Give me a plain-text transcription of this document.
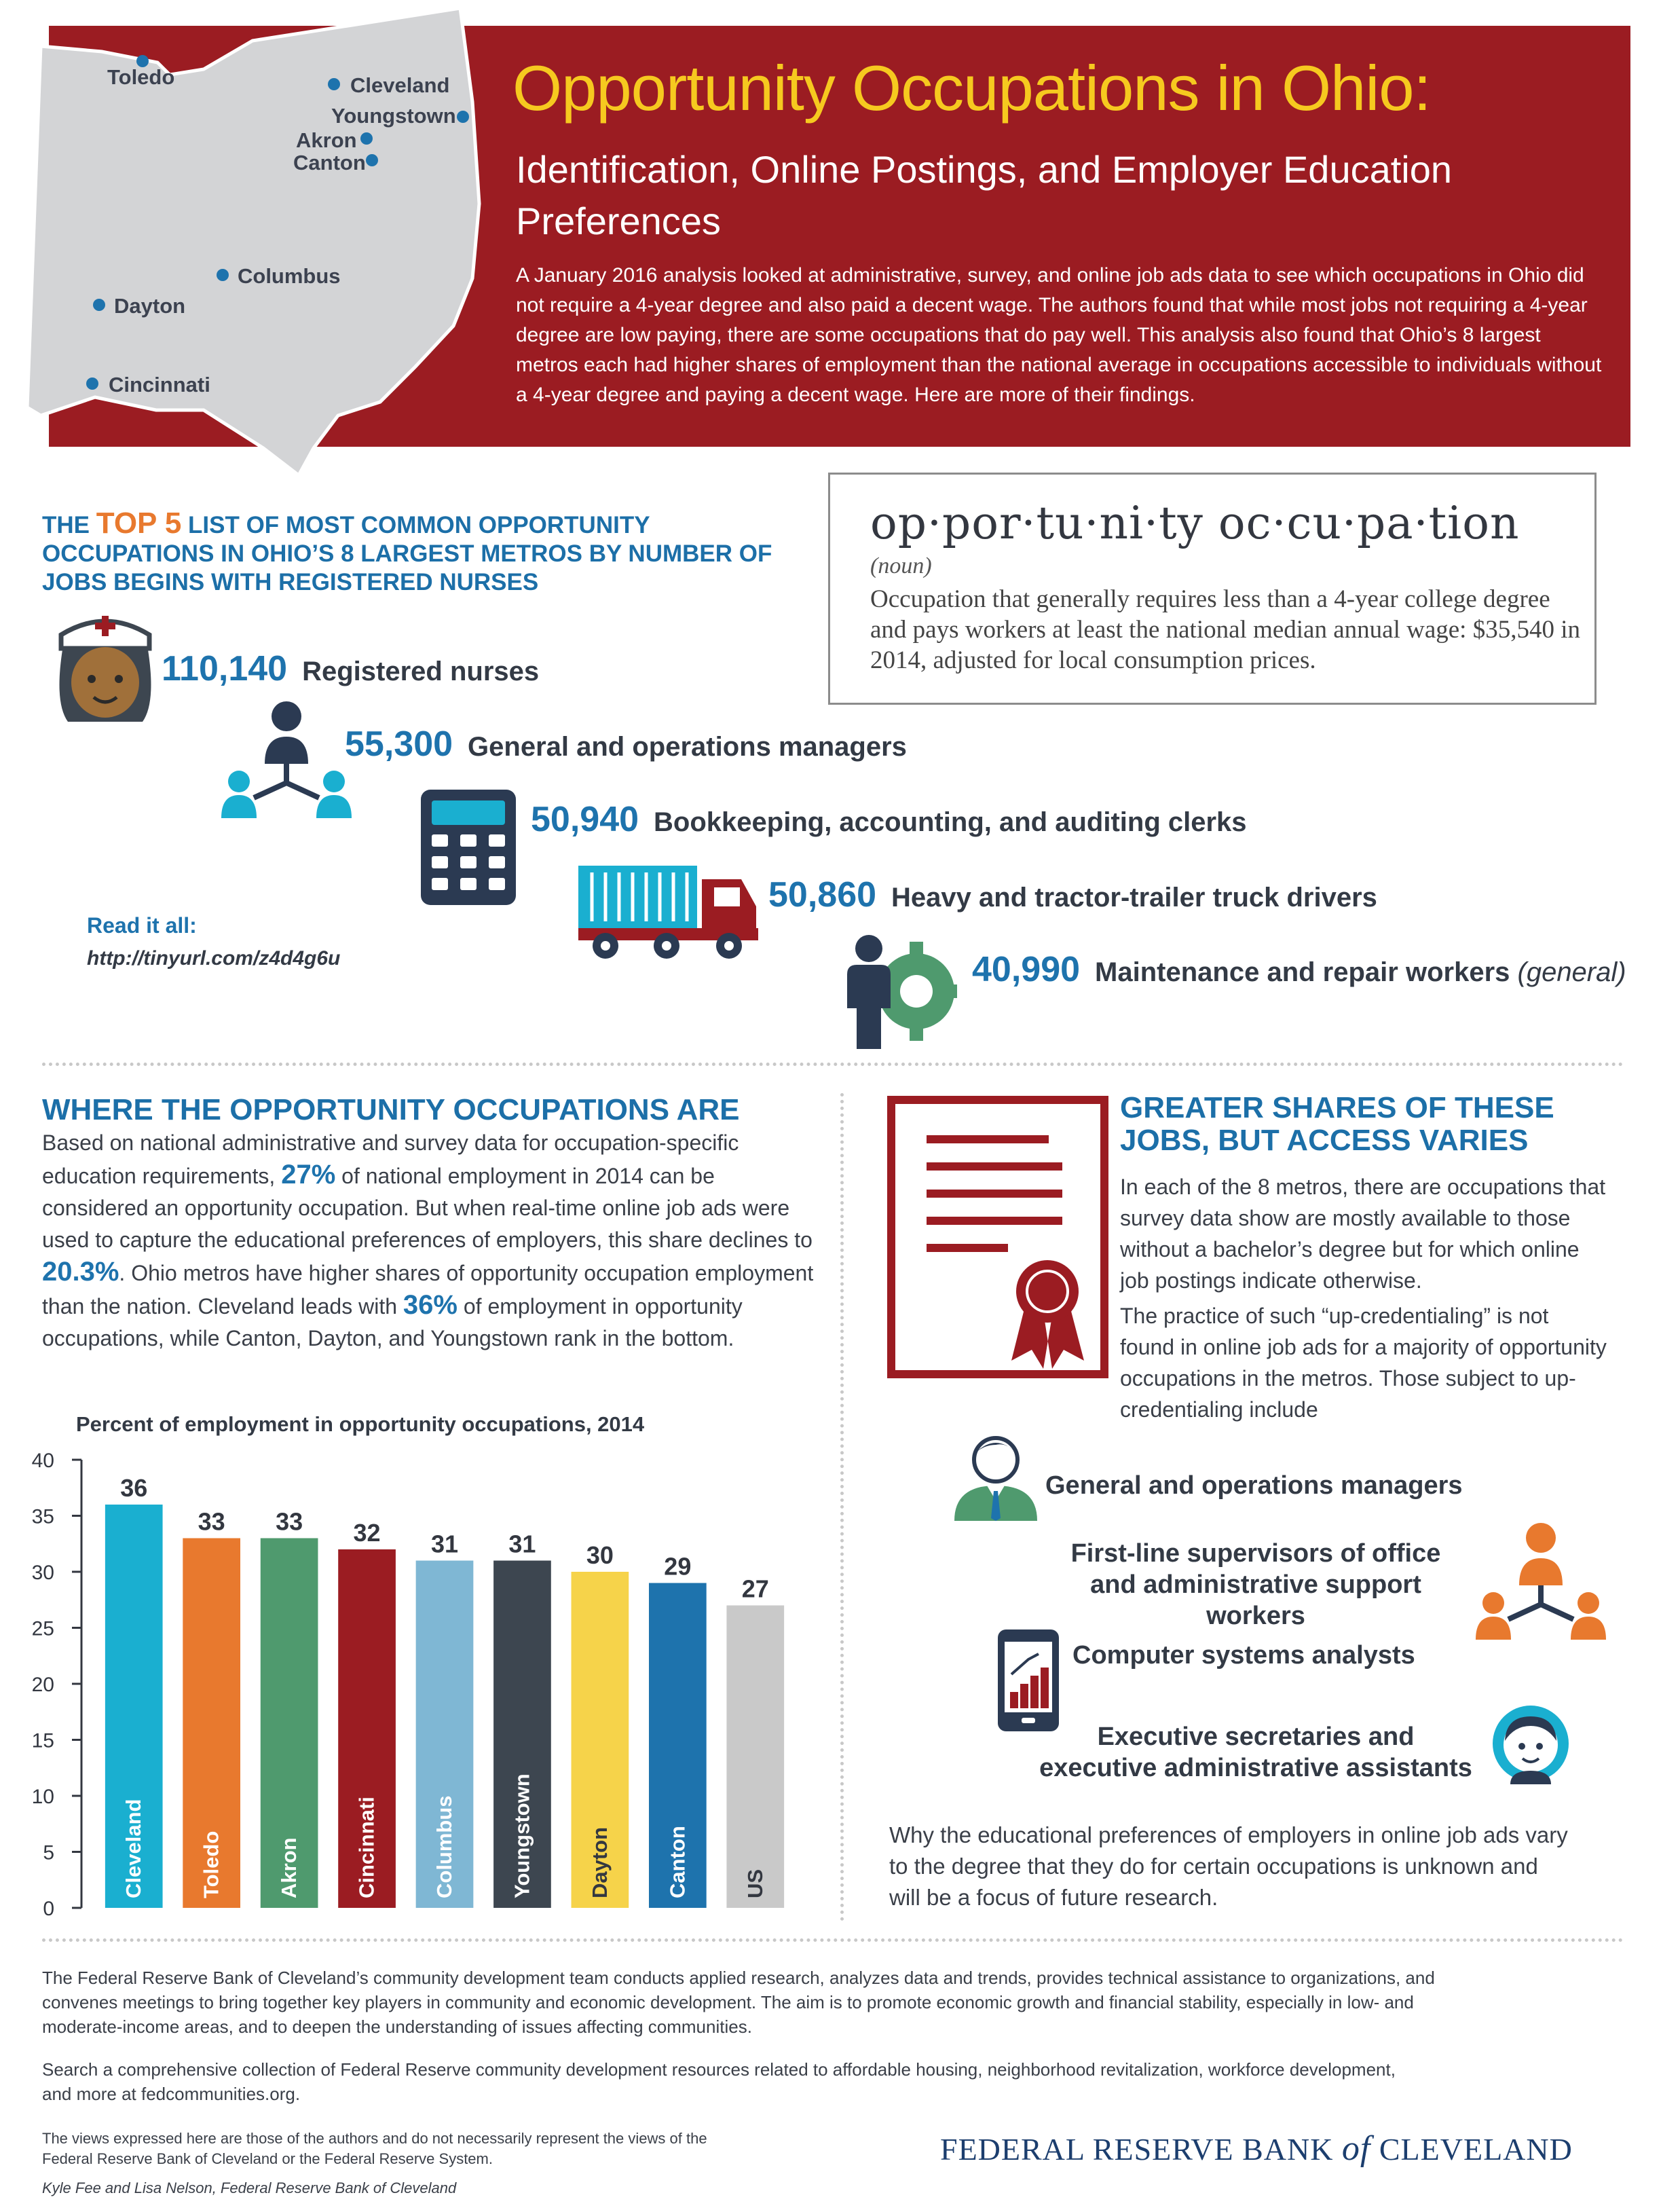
Toledo	Cleveland
Youngstown
Akron
Canton
Columbus
Dayton
Cincinnati
Opportunity Occupations in Ohio:
Identification, Online Postings, and Employer Education Preferences
A January 2016 analysis looked at administrative, survey, and online job ads data to see which occupations in Ohio did not require a 4-year degree and also paid a decent wage. The authors found that while most jobs not requiring a 4-year degree are low paying, there are some occupations that do pay well. This analysis also found that Ohio’s 8 largest metros each had higher shares of employment than the national average in occupations accessible to individuals without a 4-year degree and paying a decent wage. Here are more of their findings.
THE TOP 5 LIST OF MOST COMMON OPPORTUNITY OCCUPATIONS IN OHIO’S 8 LARGEST METROS BY NUMBER OF JOBS BEGINS WITH REGISTERED NURSES
110,140 Registered nurses
55,300 General and operations managers
50,940 Bookkeeping, accounting, and auditing clerks
50,860 Heavy and tractor-trailer truck drivers
40,990 Maintenance and repair workers (general)
Read it all:
http://tinyurl.com/z4d4g6u
op·por·tu·ni·ty oc·cu·pa·tion
(noun)
Occupation that generally requires less than a 4-year college degree and pays workers at least the national median annual wage: $35,540 in 2014, adjusted for local consumption prices.
WHERE THE OPPORTUNITY OCCUPATIONS ARE
Based on national administrative and survey data for occupation-specific education requirements, 27% of national employment in 2014 can be considered an opportunity occupation. But when real-time online job ads were used to capture the educational preferences of employers, this share declines to 20.3%. Ohio metros have higher shares of opportunity occupation employment than the nation. Cleveland leads with 36% of employment in opportunity occupations, while Canton, Dayton, and Youngstown rank in the bottom.
Percent of employment in opportunity occupations, 2014
0
5
10
15
20
25
30
35
40
36
Cleveland
33
Toledo
33
Akron
32
Cincinnati
31
Columbus
31
Youngstown
30
Dayton
29
Canton
27
US
GREATER SHARES OF THESE JOBS, BUT ACCESS VARIES
In each of the 8 metros, there are occupations that survey data show are mostly available to those without a bachelor’s degree but for which online job postings indicate otherwise.
The practice of such “up-credentialing” is not found in online job ads for a majority of opportunity occupations in the metros. Those subject to up-credentialing include
General and operations managers
First-line supervisors of office and administrative support workers
Computer systems analysts
Executive secretaries and executive administrative assistants
Why the educational preferences of employers in online job ads vary to the degree that they do for certain occupations is unknown and will be a focus of future research.
The Federal Reserve Bank of Cleveland’s community development team conducts applied research, analyzes data and trends, provides technical assistance to organizations, and convenes meetings to bring together key players in community and economic development. The aim is to promote economic growth and financial stability, especially in low- and moderate-income areas, and to deepen the understanding of issues affecting communities.
Search a comprehensive collection of Federal Reserve community development resources related to affordable housing, neighborhood revitalization, workforce development, and more at fedcommunities.org.
The views expressed here are those of the authors and do not necessarily represent the views of the Federal Reserve Bank of Cleveland or the Federal Reserve System.
Kyle Fee and Lisa Nelson, Federal Reserve Bank of Cleveland
FEDERAL RESERVE BANK of CLEVELAND
